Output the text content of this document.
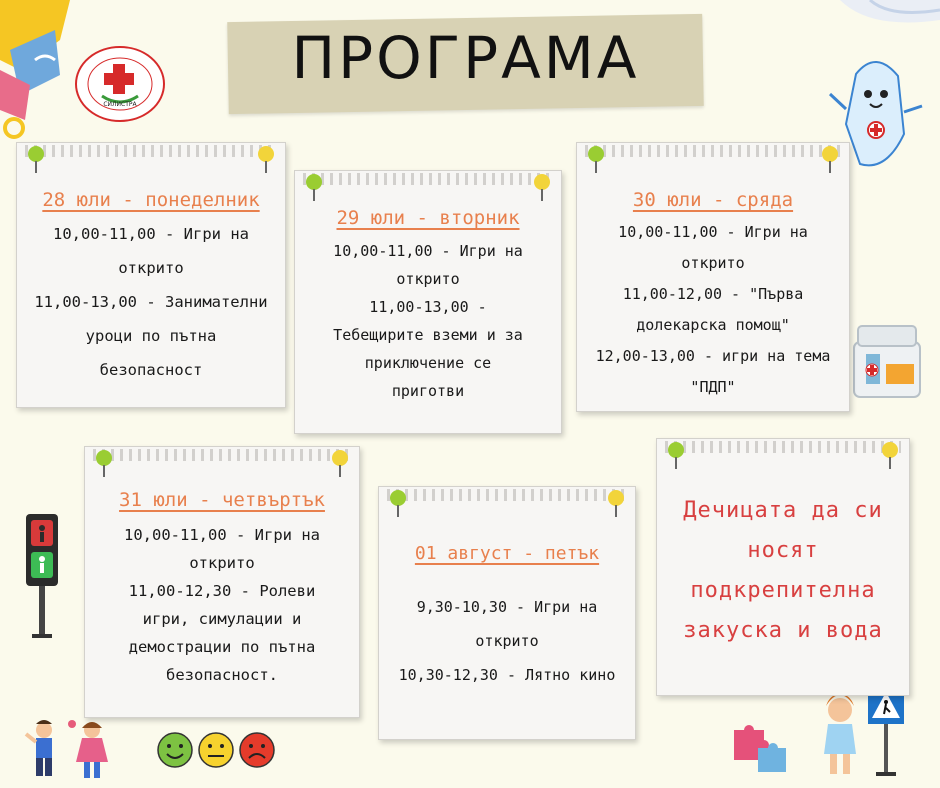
СИЛИСТРА
ПРОГРАМА
28 юли - понеделник
10,00-11,00 - Игри на
открито
11,00-13,00 - Занимателни
уроци по пътна
безопасност
29 юли - вторник
10,00-11,00 - Игри на
открито
11,00-13,00 -
Тебещирите вземи и за
приключение се
приготви
30 юли - сряда
10,00-11,00 - Игри на
открито
11,00-12,00 - "Първа
долекарска помощ"
12,00-13,00 - игри на тема
"ПДП"
31 юли - четвъртък
10,00-11,00 - Игри на
открито
11,00-12,30 - Ролеви
игри, симулации и
демострации по пътна
безопасност.
01 август - петък
9,30-10,30 - Игри на
открито
10,30-12,30 - Лятно кино
Дечицата да си
носят
подкрепителна
закуска и вода
